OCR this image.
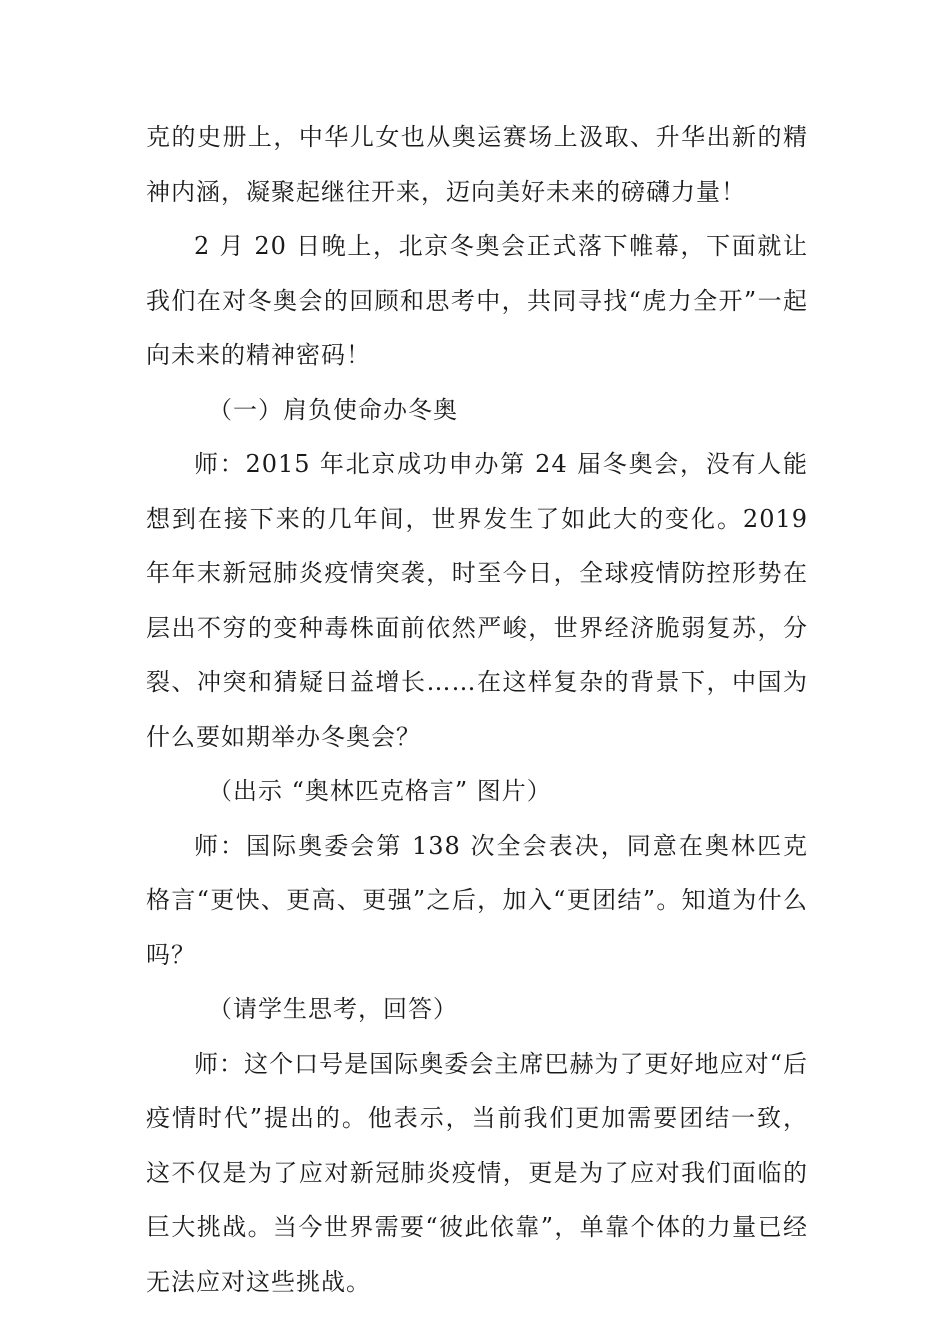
克的史册上，中华儿女也从奥运赛场上汲取、升华出新的精神内涵，凝聚起继往开来，迈向美好未来的磅礴力量！

2 月 20 日晚上，北京冬奥会正式落下帷幕，下面就让我们在对冬奥会的回顾和思考中，共同寻找“虎力全开”一起向未来的精神密码！

（一）肩负使命办冬奥

师：2015 年北京成功申办第 24 届冬奥会，没有人能想到在接下来的几年间，世界发生了如此大的变化。2019 年年末新冠肺炎疫情突袭，时至今日，全球疫情防控形势在层出不穷的变种毒株面前依然严峻，世界经济脆弱复苏，分裂、冲突和猜疑日益增长……在这样复杂的背景下，中国为什么要如期举办冬奥会？

（出示 “奥林匹克格言” 图片）

师：国际奥委会第 138 次全会表决，同意在奥林匹克格言“更快、更高、更强”之后，加入“更团结”。知道为什么吗？

（请学生思考，回答）

师：这个口号是国际奥委会主席巴赫为了更好地应对“后疫情时代”提出的。他表示，当前我们更加需要团结一致，这不仅是为了应对新冠肺炎疫情，更是为了应对我们面临的巨大挑战。当今世界需要“彼此依靠”，单靠个体的力量已经无法应对这些挑战。
